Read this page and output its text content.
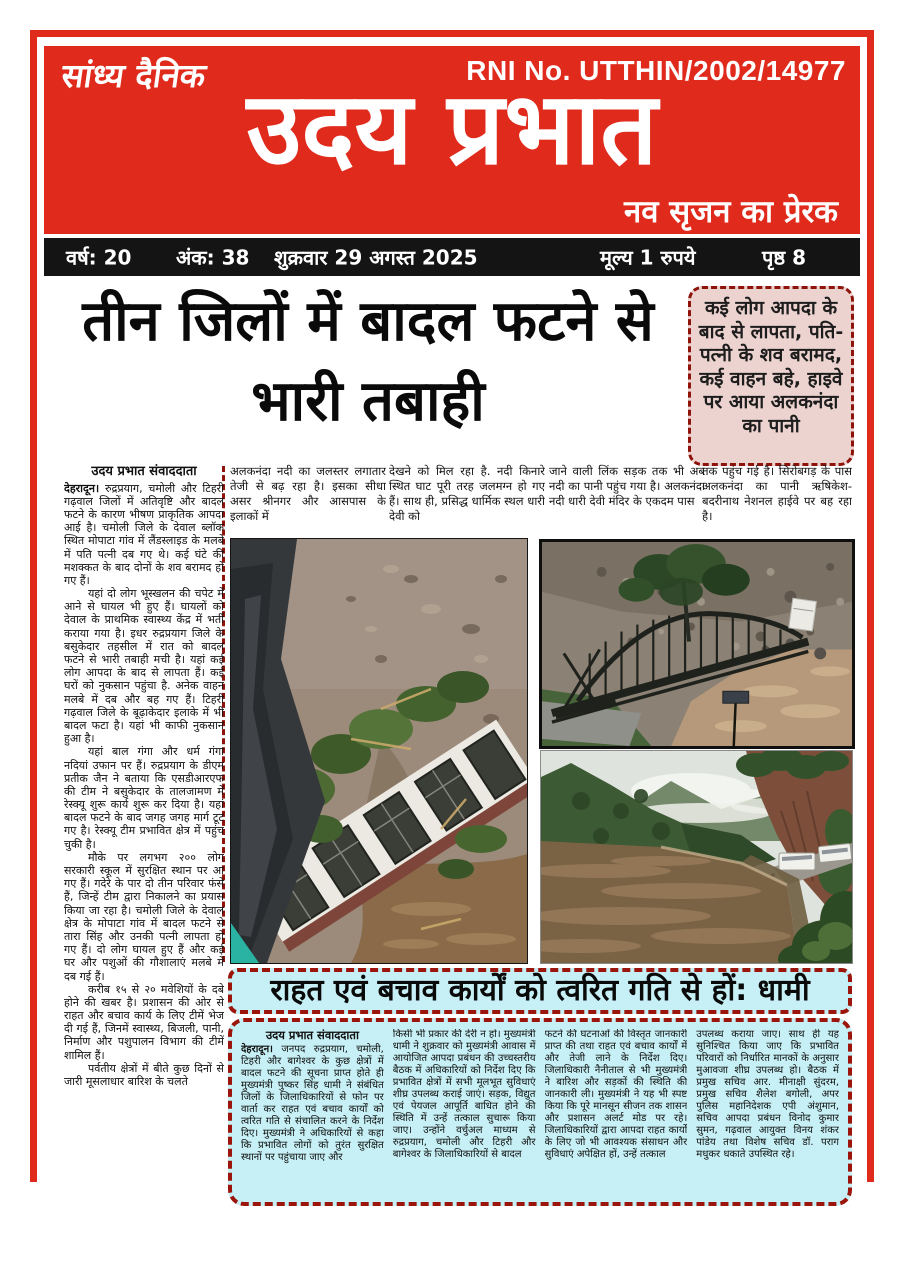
सांध्य दैनिक	RNI No. UTTHIN/2002/14977
उदय प्रभात
नव सृजन का प्रेरक
वर्ष: 20 अंक: 38 शुक्रवार 29 अगस्त 2025	मूल्य 1 रुपये	पृष्ठ 8
तीन जिलों में बादल फटने से भारी तबाही
कई लोग आपदा के बाद से लापता, पति-पत्नी के शव बरामद, कई वाहन बहे, हाइवे पर आया अलकनंदा का पानी
उदय प्रभात संवाददाता

देहरादून। रुद्रप्रयाग, चमोली और टिहरी गढ़वाल जिलों में अतिवृष्टि और बादल फटने के कारण भीषण प्राकृतिक आपदा आई है। चमोली जिले के देवाल ब्लॉक स्थित मोपाटा गांव में लैंडस्लाइड के मलबे में पति पत्नी दब गए थे। कई घंटे की मशक्कत के बाद दोनों के शव बरामद हो गए हैं।

यहां दो लोग भूस्खलन की चपेट में आने से घायल भी हुए हैं। घायलों को देवाल के प्राथमिक स्वास्थ्य केंद्र में भर्ती कराया गया है। इधर रुद्रप्रयाग जिले के बसुकेदार तहसील में रात को बादल फटने से भारी तबाही मची है। यहां कई लोग आपदा के बाद से लापता हैं। कई घरों को नुकसान पहुंचा है. अनेक वाहन मलबे में दब और बह गए हैं। टिहरी गढ़वाल जिले के बूढ़ाकेदार इलाके में भी बादल फटा है। यहां भी काफी नुकसान हुआ है।

यहां बाल गंगा और धर्म गंगा नदियां उफान पर हैं। रुद्रप्रयाग के डीएम प्रतीक जैन ने बताया कि एसडीआरएफ की टीम ने बसुकेदार के तालजामण में रेस्क्यू शुरू कार्य शुरू कर दिया है। यहां बादल फटने के बाद जगह जगह मार्ग टूट गए है। रेस्क्यू टीम प्रभावित क्षेत्र में पहुंच चुकी है।

मौके पर लगभग २०० लोग सरकारी स्कूल में सुरक्षित स्थान पर आ गए हैं। गदेरे के पार दो तीन परिवार फंसे हैं, जिन्हें टीम द्वारा निकालने का प्रयास किया जा रहा है। चमोली जिले के देवाल क्षेत्र के मोपाटा गांव में बादल फटने से तारा सिंह और उनकी पत्नी लापता हो गए हैं। दो लोग घायल हुए हैं और कई घर और पशुओं की गौशालाएं मलबे में दब गई हैं।

करीब १५ से २० मवेशियों के दबे होने की खबर है। प्रशासन की ओर से राहत और बचाव कार्य के लिए टीमें भेज दी गई हैं, जिनमें स्वास्थ्य, बिजली, पानी, निर्माण और पशुपालन विभाग की टीमें शामिल हैं।

पर्वतीय क्षेत्रों में बीते कुछ दिनों से जारी मूसलाधार बारिश के चलते

अलकनंदा नदी का जलस्तर लगातार तेजी से बढ़ रहा है। इसका सीधा असर श्रीनगर और आसपास के इलाकों में
देखने को मिल रहा है. नदी किनारे स्थित घाट पूरी तरह जलमग्न हो गए हैं। साथ ही, प्रसिद्ध धार्मिक स्थल धारी देवी को
जाने वाली लिंक सड़क तक भी अब नदी का पानी पहुंच गया है। अलकनंदा नदी धारी देवी मंदिर के एकदम पास
तक पहुंच गई है। सिरोबगड़ के पास अलकनंदा का पानी ऋषिकेश-बदरीनाथ नेशनल हाईवे पर बह रहा है।
राहत एवं बचाव कार्यों को त्वरित गति से हों: धामी
उदय प्रभात संवाददाता

देहरादून। जनपद रुद्रप्रयाग, चमोली, टिहरी और बागेश्वर के कुछ क्षेत्रों में बादल फटने की सूचना प्राप्त होते ही मुख्यमंत्री पुष्कर सिंह धामी ने संबंधित जिलों के जिलाधिकारियों से फोन पर वार्ता कर राहत एवं बचाव कार्यों को त्वरित गति से संचालित करने के निर्देश दिए। मुख्यमंत्री ने अधिकारियों से कहा कि प्रभावित लोगों को तुरंत सुरक्षित स्थानों पर पहुंचाया जाए और

किसी भी प्रकार की देरी न हो। मुख्यमंत्री धामी ने शुक्रवार को मुख्यमंत्री आवास में आयोजित आपदा प्रबंधन की उच्चस्तरीय बैठक में अधिकारियों को निर्देश दिए कि प्रभावित क्षेत्रों में सभी मूलभूत सुविधाएं शीघ्र उपलब्ध कराई जाएं। सड़क, विद्युत एवं पेयजल आपूर्ति बाधित होने की स्थिति में उन्हें तत्काल सुचारू किया जाए। उन्होंने वर्चुअल माध्यम से रुद्रप्रयाग, चमोली और टिहरी और बागेश्वर के जिलाधिकारियों से बादल

फटने की घटनाओं की विस्तृत जानकारी प्राप्त की तथा राहत एवं बचाव कार्यों में और तेजी लाने के निर्देश दिए। जिलाधिकारी नैनीताल से भी मुख्यमंत्री ने बारिश और सड़कों की स्थिति की जानकारी ली। मुख्यमंत्री ने यह भी स्पष्ट किया कि पूरे मानसून सीजन तक शासन और प्रशासन अलर्ट मोड पर रहे। जिलाधिकारियों द्वारा आपदा राहत कार्यों के लिए जो भी आवश्यक संसाधन और सुविधाएं अपेक्षित हों, उन्हें तत्काल

उपलब्ध कराया जाए। साथ ही यह सुनिश्चित किया जाए कि प्रभावित परिवारों को निर्धारित मानकों के अनुसार मुआवजा शीघ्र उपलब्ध हो। बैठक में प्रमुख सचिव आर. मीनाक्षी सुंदरम, प्रमुख सचिव शैलेश बगोली, अपर पुलिस महानिदेशक एपी अंशुमान, सचिव आपदा प्रबंधन विनोद कुमार सुमन, गढ़वाल आयुक्त विनय शंकर पांडेय तथा विशेष सचिव डॉ. पराग मधुकर धकाते उपस्थित रहे।
